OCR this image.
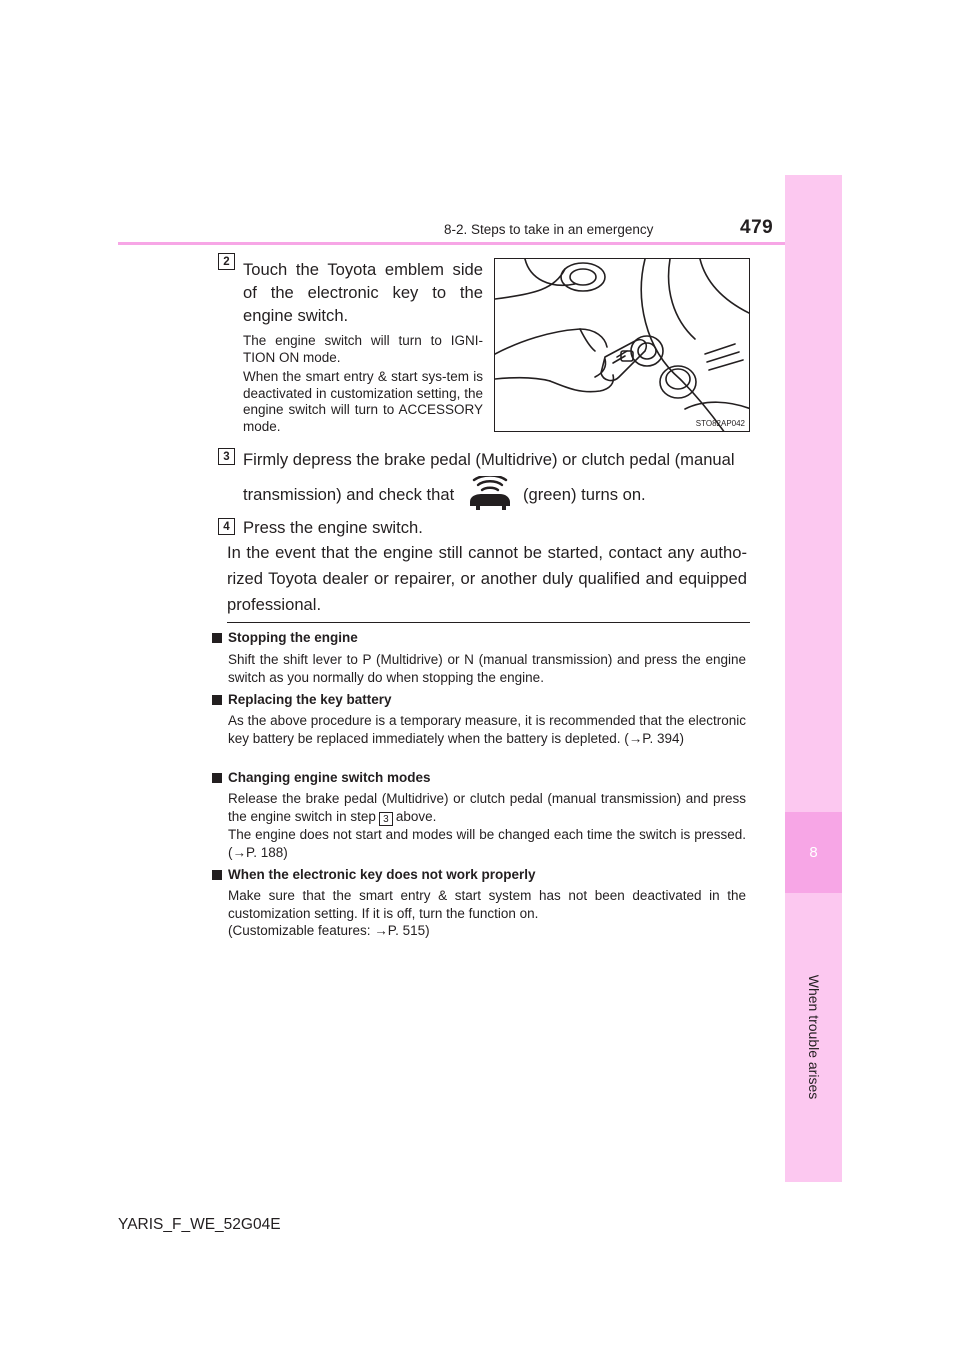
8
When trouble arises
8-2. Steps to take in an emergency	479
2 Touch the Toyota emblem side of the electronic key to the engine switch.
The engine switch will turn to IGNI-TION ON mode.
When the smart entry & start sys-tem is deactivated in customization setting, the engine switch will turn to ACCESSORY mode.	STO82AP042
3 Firmly depress the brake pedal (Multidrive) or clutch pedal (manual
transmission) and check that	(green) turns on.
4 Press the engine switch.
In the event that the engine still cannot be started, contact any autho-rized Toyota dealer or repairer, or another duly qualified and equipped professional.
Stopping the engine
Shift the shift lever to P (Multidrive) or N (manual transmission) and press the engine switch as you normally do when stopping the engine.
Replacing the key battery
As the above procedure is a temporary measure, it is recommended that the electronic key battery be replaced immediately when the battery is depleted. (→P. 394)
Changing engine switch modes
Release the brake pedal (Multidrive) or clutch pedal (manual transmission) and press the engine switch in step 3 above.
The engine does not start and modes will be changed each time the switch is pressed. (→P. 188)
When the electronic key does not work properly
Make sure that the smart entry & start system has not been deactivated in the customization setting. If it is off, turn the function on.
(Customizable features: →P. 515)
YARIS_F_WE_52G04E
